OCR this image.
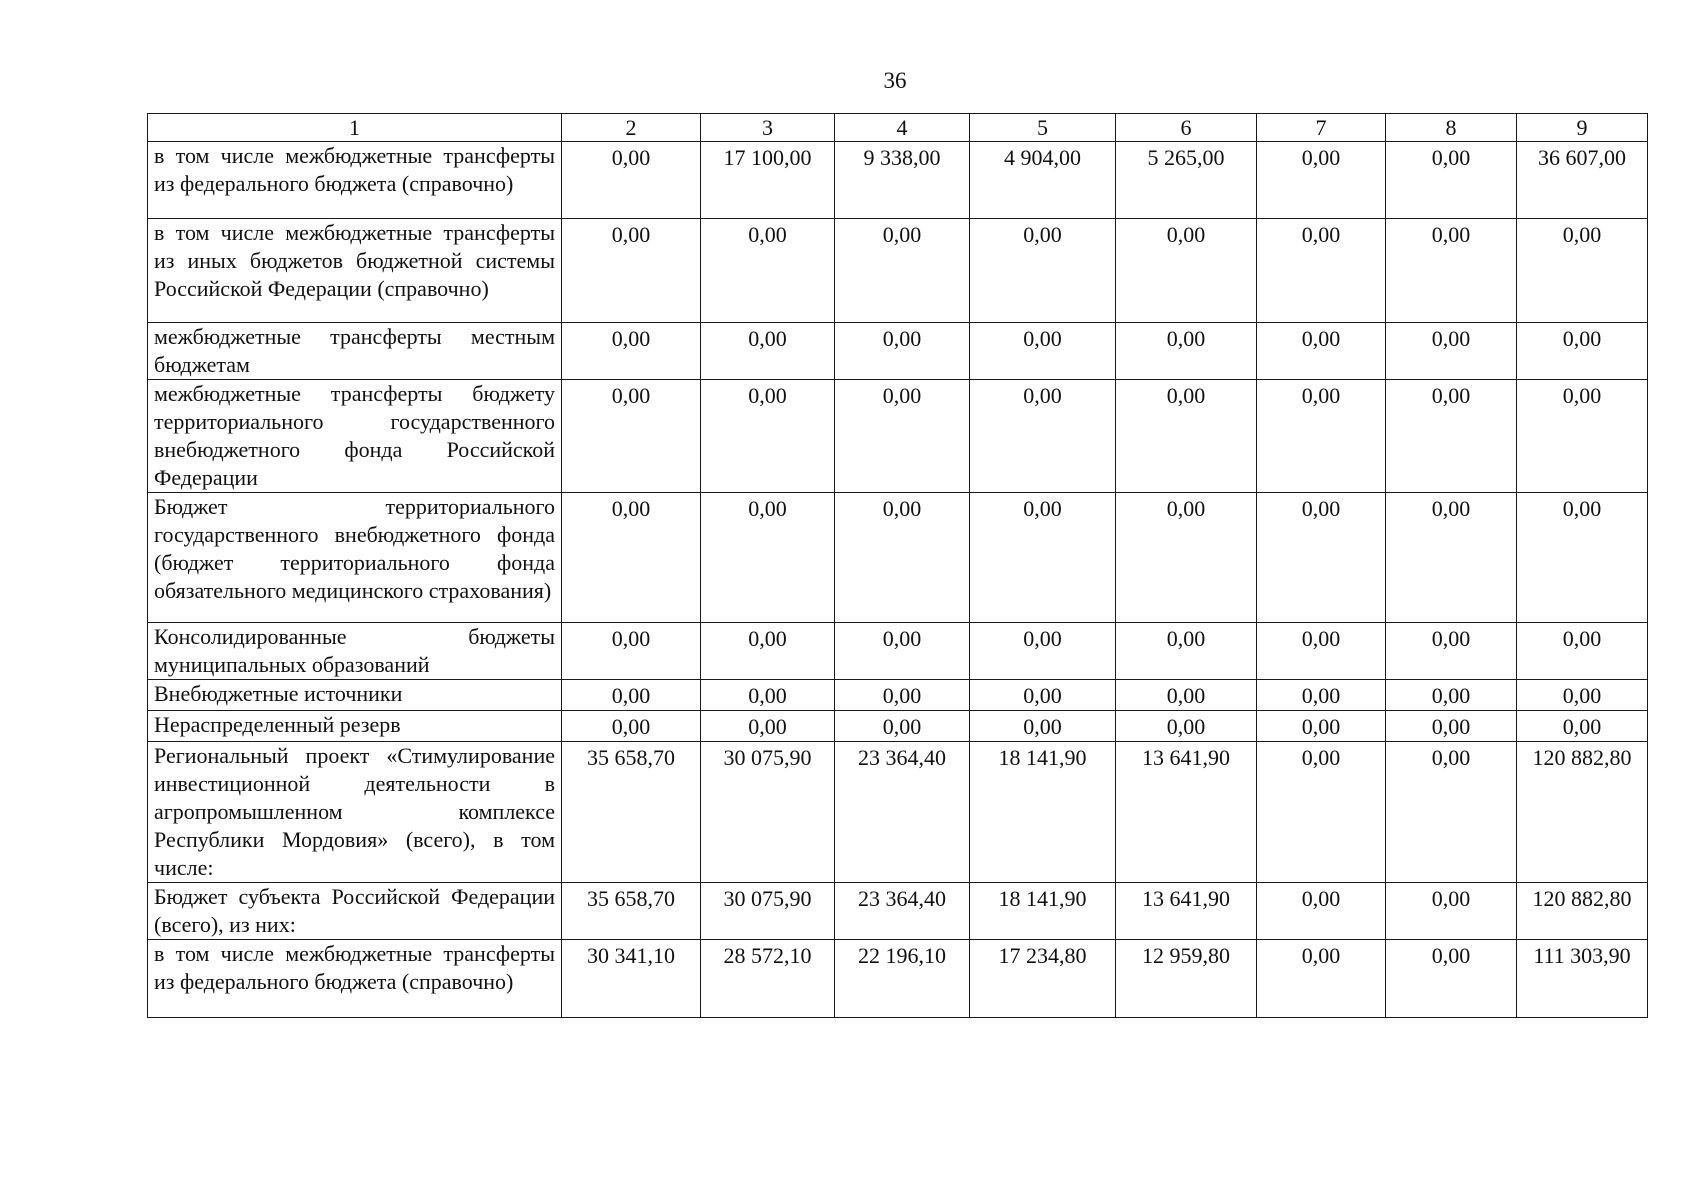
36
1	2	3	4	5	6	7	8	9
в том числе межбюджетные трансферты из федерального бюджета (справочно)	0,00	17 100,00	9 338,00	4 904,00	5 265,00	0,00	0,00	36 607,00
в том числе межбюджетные трансферты из иных бюджетов бюджетной системы Российской Федерации (справочно)	0,00	0,00	0,00	0,00	0,00	0,00	0,00	0,00
межбюджетные трансферты местным бюджетам	0,00	0,00	0,00	0,00	0,00	0,00	0,00	0,00
межбюджетные трансферты бюджету территориального государственного внебюджетного фонда Российской Федерации	0,00	0,00	0,00	0,00	0,00	0,00	0,00	0,00
Бюджет территориального государственного внебюджетного фонда (бюджет территориального фонда обязательного медицинского страхования)	0,00	0,00	0,00	0,00	0,00	0,00	0,00	0,00
Консолидированные бюджеты муниципальных образований	0,00	0,00	0,00	0,00	0,00	0,00	0,00	0,00
Внебюджетные источники	0,00	0,00	0,00	0,00	0,00	0,00	0,00	0,00
Нераспределенный резерв	0,00	0,00	0,00	0,00	0,00	0,00	0,00	0,00
Региональный проект «Стимулирование инвестиционной деятельности в агропромышленном комплексе Республики Мордовия» (всего), в том числе:	35 658,70	30 075,90	23 364,40	18 141,90	13 641,90	0,00	0,00	120 882,80
Бюджет субъекта Российской Федерации (всего), из них:	35 658,70	30 075,90	23 364,40	18 141,90	13 641,90	0,00	0,00	120 882,80
в том числе межбюджетные трансферты из федерального бюджета (справочно)	30 341,10	28 572,10	22 196,10	17 234,80	12 959,80	0,00	0,00	111 303,90
